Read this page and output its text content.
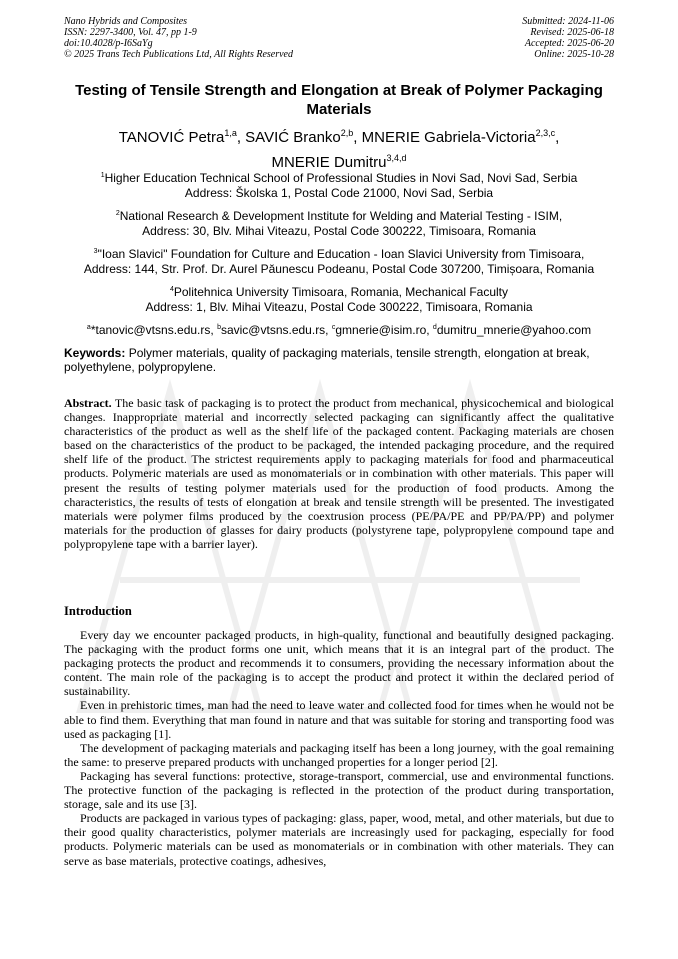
Nano Hybrids and Composites
ISSN: 2297-3400, Vol. 47, pp 1-9
doi:10.4028/p-I6SaYg
© 2025 Trans Tech Publications Ltd, All Rights Reserved
Submitted: 2024-11-06
Revised: 2025-06-18
Accepted: 2025-06-20
Online: 2025-10-28
Testing of Tensile Strength and Elongation at Break of Polymer Packaging Materials
TANOVIĆ Petra$^{1,a}$, SAVIĆ Branko$^{2,b}$, MNERIE Gabriela-Victoria$^{2,3,c}$,
MNERIE Dumitru$^{3,4,d}$
$^1$Higher Education Technical School of Professional Studies in Novi Sad, Novi Sad, Serbia
Address: Školska 1, Postal Code 21000, Novi Sad, Serbia
$^2$National Research & Development Institute for Welding and Material Testing - ISIM,
Address: 30, Blv. Mihai Viteazu, Postal Code 300222, Timisoara, Romania
$^3$"Ioan Slavici" Foundation for Culture and Education - Ioan Slavici University from Timisoara,
Address: 144, Str. Prof. Dr. Aurel Păunescu Podeanu, Postal Code 307200, Timișoara, Romania
$^4$Politehnica University Timisoara, Romania, Mechanical Faculty
Address: 1, Blv. Mihai Viteazu, Postal Code 300222, Timisoara, Romania
$^a$*tanovic@vtsns.edu.rs, $^b$savic@vtsns.edu.rs, $^c$gmnerie@isim.ro, $^d$dumitru_mnerie@yahoo.com
Keywords: Polymer materials, quality of packaging materials, tensile strength, elongation at break, polyethylene, polypropylene.
Abstract. The basic task of packaging is to protect the product from mechanical, physicochemical and biological changes. Inappropriate material and incorrectly selected packaging can significantly affect the qualitative characteristics of the product as well as the shelf life of the packaged content. Packaging materials are chosen based on the characteristics of the product to be packaged, the intended packaging procedure, and the required shelf life of the product. The strictest requirements apply to packaging materials for food and pharmaceutical products. Polymeric materials are used as monomaterials or in combination with other materials. This paper will present the results of testing polymer materials used for the production of food products. Among the characteristics, the results of tests of elongation at break and tensile strength will be presented. The investigated materials were polymer films produced by the coextrusion process (PE/PA/PE and PP/PA/PP) and polymer materials for the production of glasses for dairy products (polystyrene tape, polypropylene compound tape and polypropylene tape with a barrier layer).
Introduction

Every day we encounter packaged products, in high-quality, functional and beautifully designed packaging. The packaging with the product forms one unit, which means that it is an integral part of the product. The packaging protects the product and recommends it to consumers, providing the necessary information about the content. The main role of the packaging is to accept the product and protect it within the declared period of sustainability.

Even in prehistoric times, man had the need to leave water and collected food for times when he would not be able to find them. Everything that man found in nature and that was suitable for storing and transporting food was used as packaging [1].

The development of packaging materials and packaging itself has been a long journey, with the goal remaining the same: to preserve prepared products with unchanged properties for a longer period [2].

Packaging has several functions: protective, storage-transport, commercial, use and environmental functions. The protective function of the packaging is reflected in the protection of the product during transportation, storage, sale and its use [3].

Products are packaged in various types of packaging: glass, paper, wood, metal, and other materials, but due to their good quality characteristics, polymer materials are increasingly used for packaging, especially for food products. Polymeric materials can be used as monomaterials or in combination with other materials. They can serve as base materials, protective coatings, adhesives,
